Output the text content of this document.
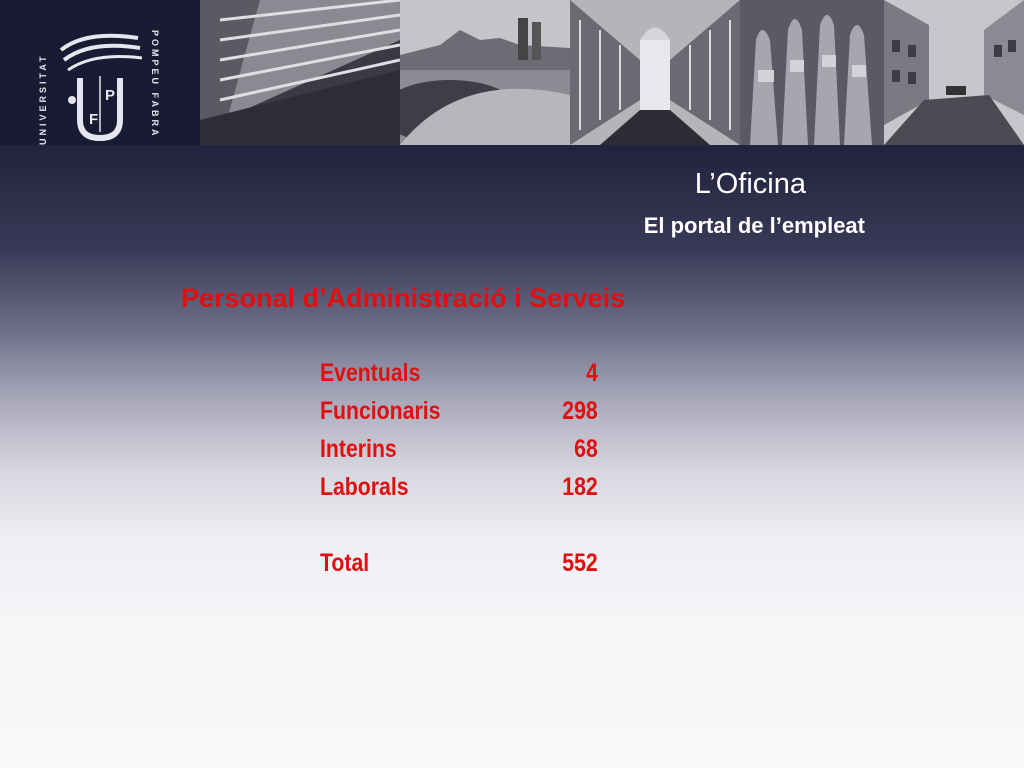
UNIVERSITAT	P
F	POMPEU FABRA
L’Oficina
El portal de l’empleat
Personal d’Administració i Serveis
Eventuals	4
Funcionaris	298
Interins	68
Laborals	182
Total	552
